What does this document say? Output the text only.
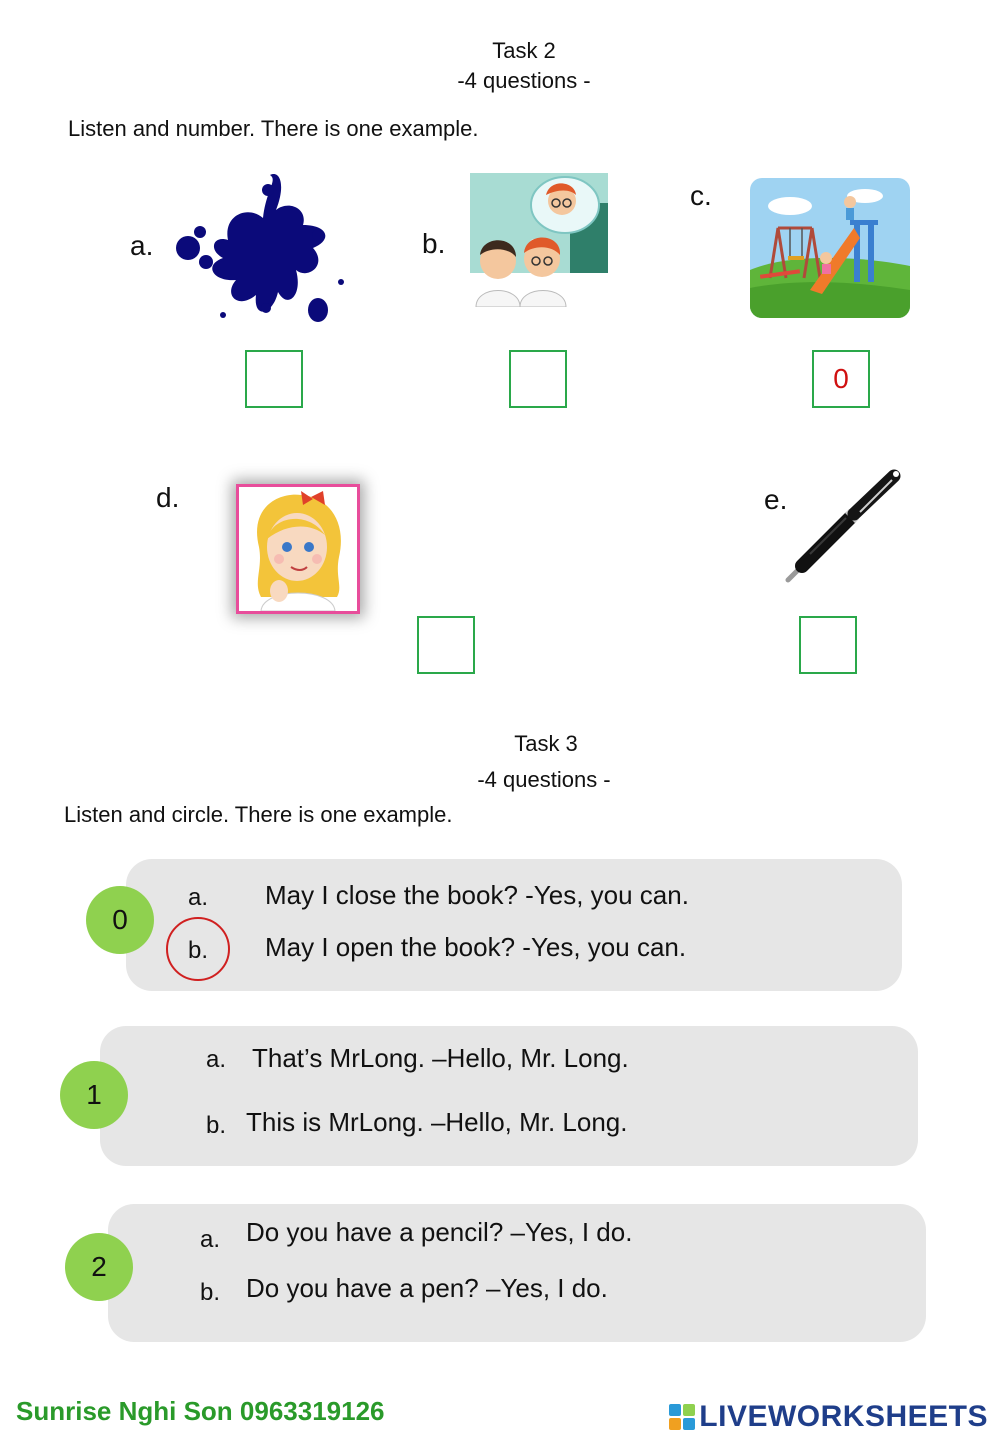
Task 2
-4 questions -
Listen and number. There is one example.
a.	b.
c.
0
d.	e.
Task 3
-4 questions -
Listen and circle. There is one example.
0
a. May I close the book? -Yes, you can.
b. May I open the book? -Yes, you can.
1
a. That’s MrLong. –Hello, Mr. Long.
b. This is MrLong. –Hello, Mr. Long.
2
a. Do you have a pencil? –Yes, I do.
b. Do you have a pen? –Yes, I do.
Sunrise Nghi Son 0963319126	LIVEWORKSHEETS
